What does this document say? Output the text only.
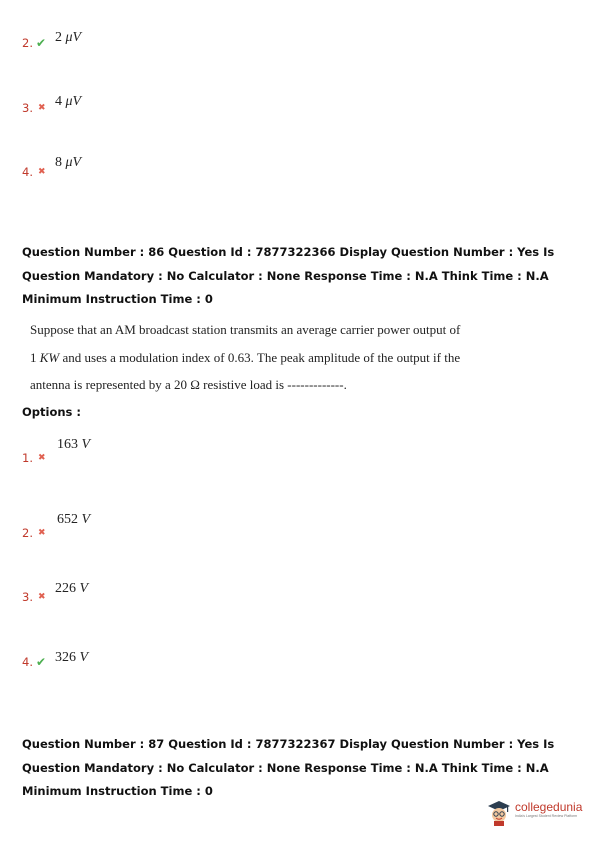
2. ✔ 2 μV
3. ✖ 4 μV
4. ✖
8 μV
Question Number : 86 Question Id : 7877322366 Display Question Number : Yes Is Question Mandatory : No Calculator : None Response Time : N.A Think Time : N.A Minimum Instruction Time : 0
Suppose that an AM broadcast station transmits an average carrier power output of
1 KW and uses a modulation index of 0.63. The peak amplitude of the output if the
antenna is represented by a 20 Ω resistive load is -------------.
Options :
163 V
1. ✖
652 V
2. ✖
226 V
3. ✖
326 V
4. ✔
Question Number : 87 Question Id : 7877322367 Display Question Number : Yes Is Question Mandatory : No Calculator : None Response Time : N.A Think Time : N.A Minimum Instruction Time : 0
collegedunia
India's Largest Student Review Platform
